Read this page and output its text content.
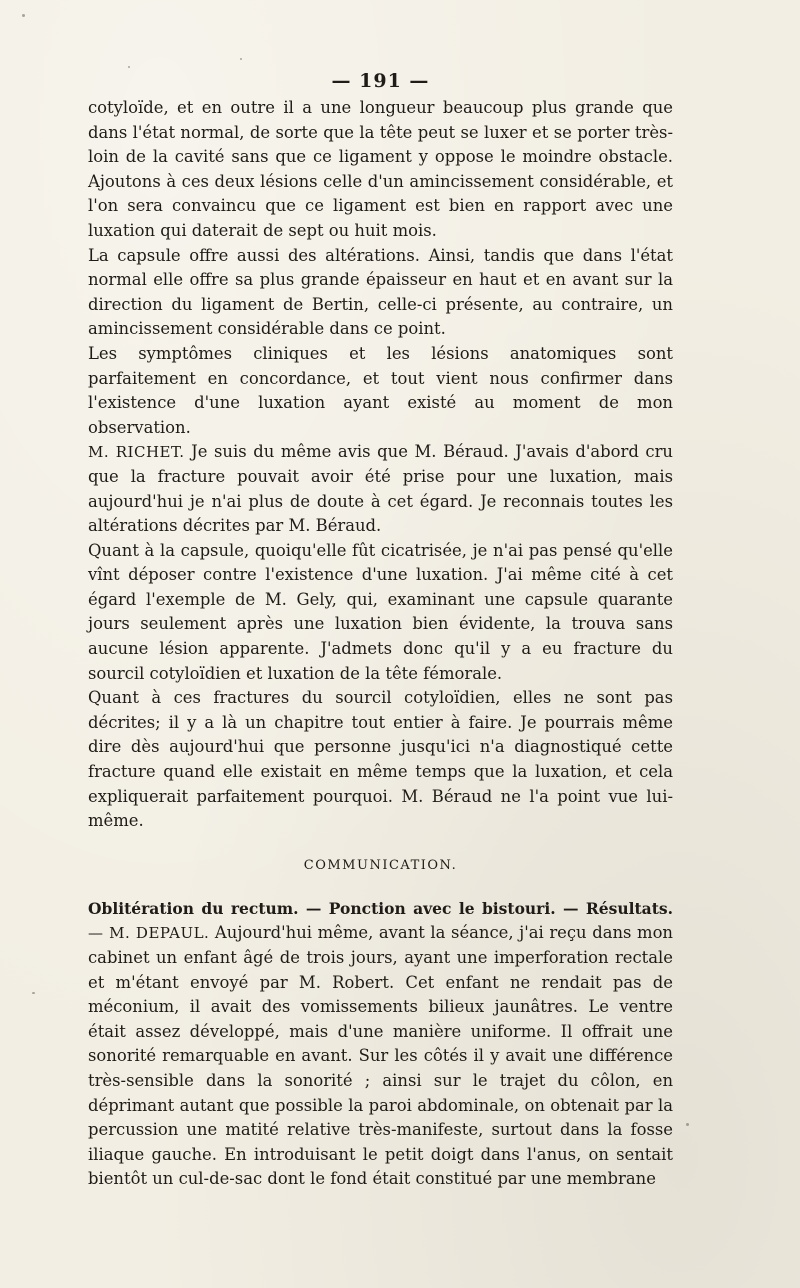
— 191 —

cotyloïde, et en outre il a une longueur beaucoup plus grande que dans l'état normal, de sorte que la tête peut se luxer et se porter très-loin de la cavité sans que ce ligament y oppose le moindre obstacle. Ajoutons à ces deux lésions celle d'un amincissement considérable, et l'on sera convaincu que ce ligament est bien en rapport avec une luxation qui daterait de sept ou huit mois.

La capsule offre aussi des altérations. Ainsi, tandis que dans l'état normal elle offre sa plus grande épaisseur en haut et en avant sur la direction du ligament de Bertin, celle-ci présente, au contraire, un amincissement considérable dans ce point.

Les symptômes cliniques et les lésions anatomiques sont parfaitement en concordance, et tout vient nous confirmer dans l'existence d'une luxation ayant existé au moment de mon observation.

M. RICHET. Je suis du même avis que M. Béraud. J'avais d'abord cru que la fracture pouvait avoir été prise pour une luxation, mais aujourd'hui je n'ai plus de doute à cet égard. Je reconnais toutes les altérations décrites par M. Béraud.

Quant à la capsule, quoiqu'elle fût cicatrisée, je n'ai pas pensé qu'elle vînt déposer contre l'existence d'une luxation. J'ai même cité à cet égard l'exemple de M. Gely, qui, examinant une capsule quarante jours seulement après une luxation bien évidente, la trouva sans aucune lésion apparente. J'admets donc qu'il y a eu fracture du sourcil cotyloïdien et luxation de la tête fémorale.

Quant à ces fractures du sourcil cotyloïdien, elles ne sont pas décrites; il y a là un chapitre tout entier à faire. Je pourrais même dire dès aujourd'hui que personne jusqu'ici n'a diagnostiqué cette fracture quand elle existait en même temps que la luxation, et cela expliquerait parfaitement pourquoi. M. Béraud ne l'a point vue lui-même.

COMMUNICATION.

Oblitération du rectum. — Ponction avec le bistouri. — Résultats. — M. DEPAUL. Aujourd'hui même, avant la séance, j'ai reçu dans mon cabinet un enfant âgé de trois jours, ayant une imperforation rectale et m'étant envoyé par M. Robert. Cet enfant ne rendait pas de méconium, il avait des vomissements bilieux jaunâtres. Le ventre était assez développé, mais d'une manière uniforme. Il offrait une sonorité remarquable en avant. Sur les côtés il y avait une différence très-sensible dans la sonorité ; ainsi sur le trajet du côlon, en déprimant autant que possible la paroi abdominale, on obtenait par la percussion une matité relative très-manifeste, surtout dans la fosse iliaque gauche. En introduisant le petit doigt dans l'anus, on sentait bientôt un cul-de-sac dont le fond était constitué par une membrane
